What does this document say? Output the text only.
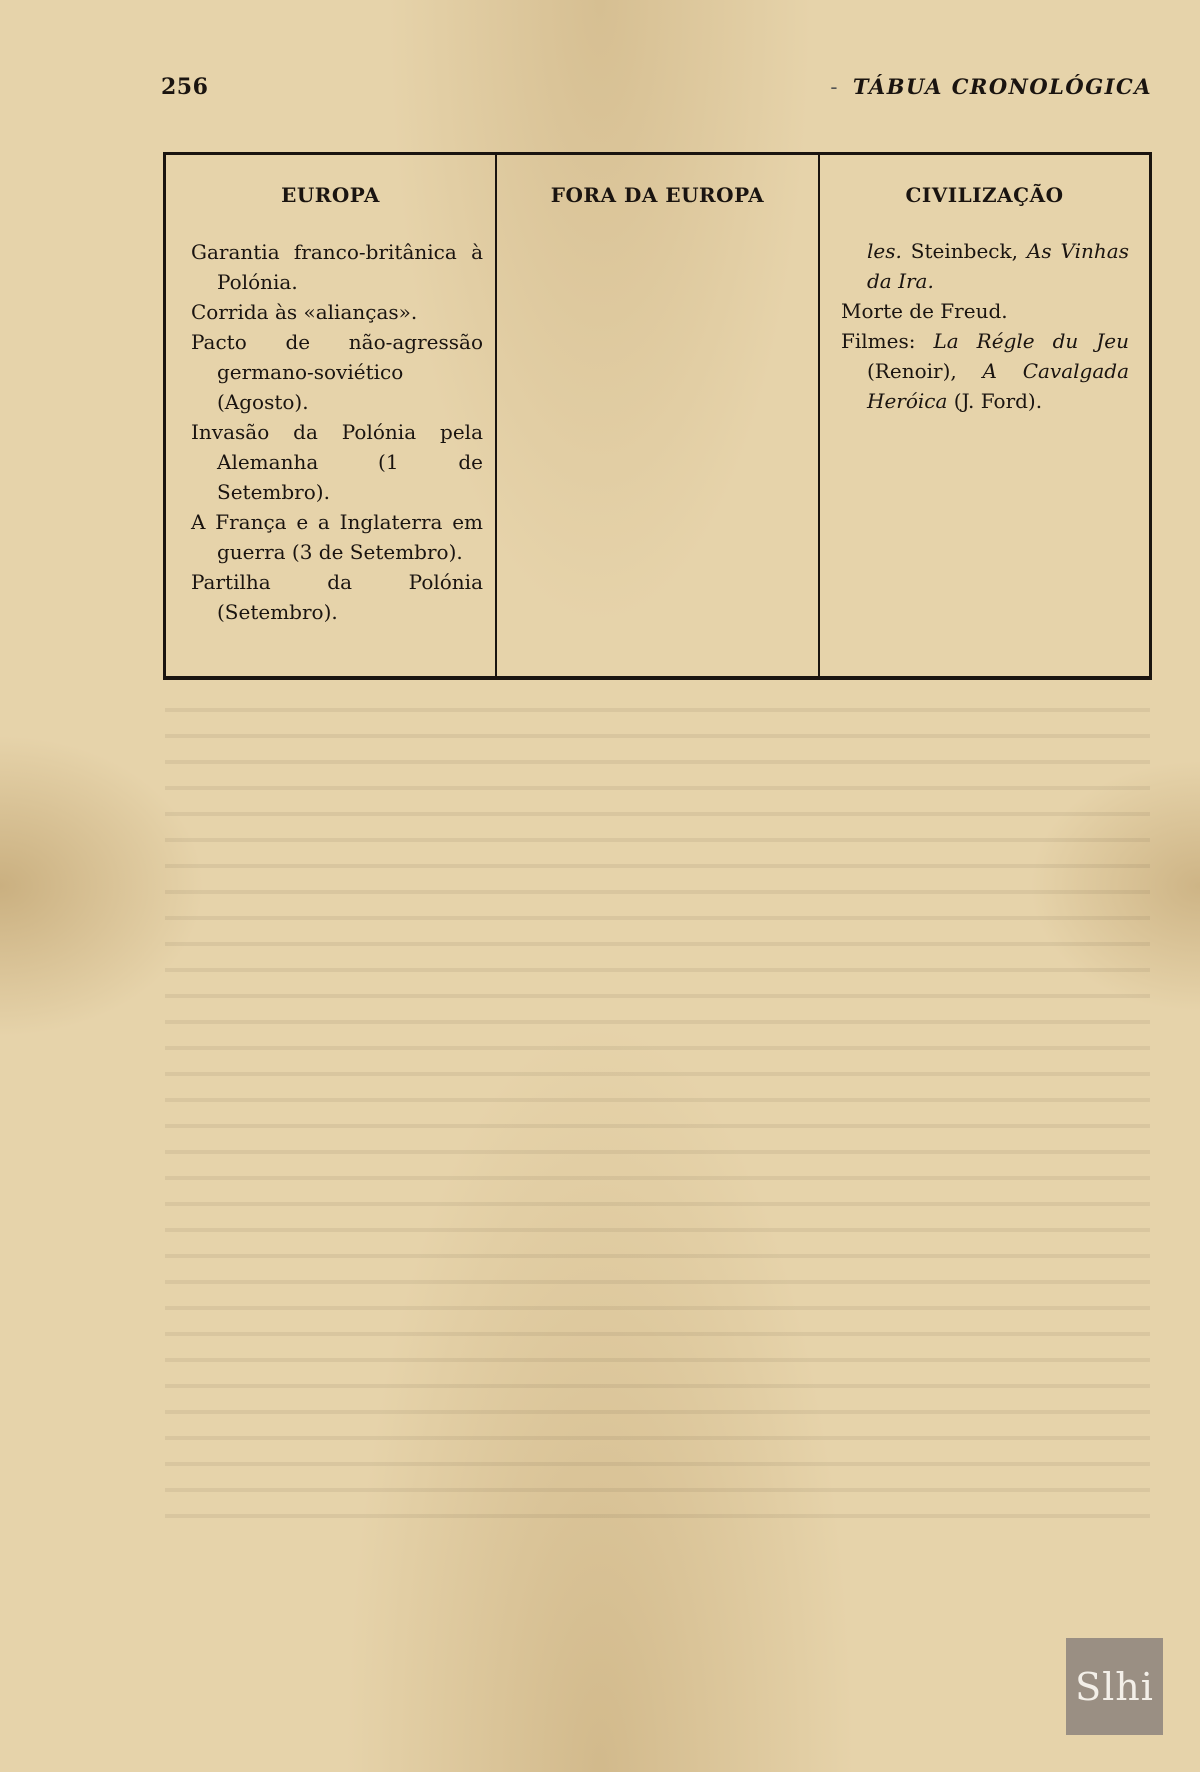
256	- TÁBUA CRONOLÓGICA
EUROPA
Garantia franco-britânica à Polónia.
Corrida às «alianças».
Pacto de não-agressão germano-soviético (Agosto).
Invasão da Polónia pela Alemanha (1 de Setembro).
A França e a Inglaterra em guerra (3 de Setembro).
Partilha da Polónia (Setembro).
FORA DA EUROPA	CIVILIZAÇÃO
les. Steinbeck, As Vinhas da Ira.
Morte de Freud.
Filmes: La Régle du Jeu (Renoir), A Cavalgada Heróica (J. Ford).
Slhi
